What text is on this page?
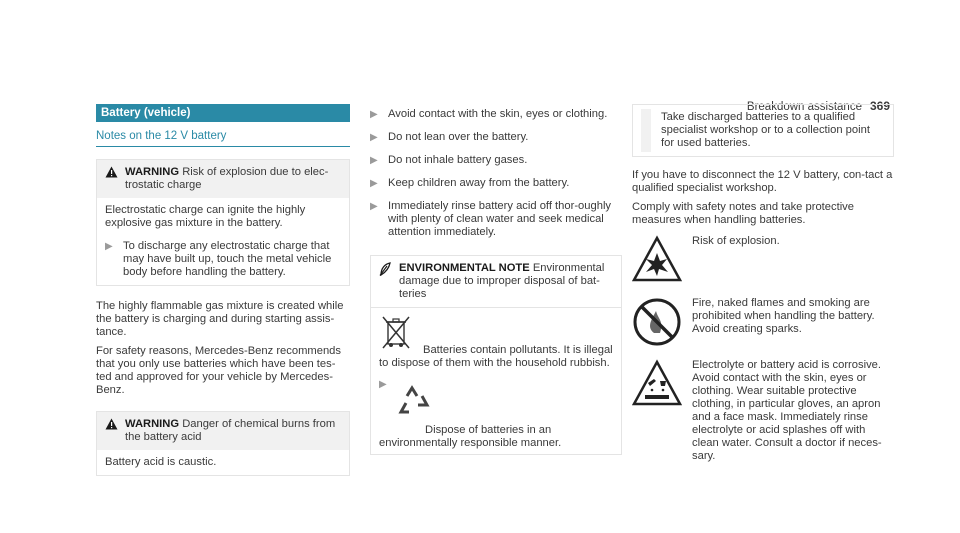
Breakdown assistance 369
Battery (vehicle)
Notes on the 12 V battery
WARNING Risk of explosion due to elec-trostatic charge

Electrostatic charge can ignite the highly explosive gas mixture in the battery.

▶ To discharge any electrostatic charge that may have built up, touch the metal vehicle body before handling the battery.

The highly flammable gas mixture is created while the battery is charging and during starting assis-tance.

For safety reasons, Mercedes-Benz recommends that you only use batteries which have been tes-ted and approved for your vehicle by Mercedes-Benz.

WARNING Danger of chemical burns from the battery acid

Battery acid is caustic.

▶ Avoid contact with the skin, eyes or clothing.

▶ Do not lean over the battery.

▶ Do not inhale battery gases.

▶ Keep children away from the battery.

▶ Immediately rinse battery acid off thor-oughly with plenty of clean water and seek medical attention immediately.

ENVIRONMENTAL NOTE Environmental damage due to improper disposal of bat-teries

Batteries contain pollutants. It is illegal to dispose of them with the household rubbish.

▶

Dispose of batteries in an environmentally responsible manner.

Take discharged batteries to a qualified specialist workshop or to a collection point for used batteries.

If you have to disconnect the 12 V battery, con-tact a qualified specialist workshop.

Comply with safety notes and take protective measures when handling batteries.

Risk of explosion.

Fire, naked flames and smoking are prohibited when handling the battery. Avoid creating sparks.

Electrolyte or battery acid is corrosive. Avoid contact with the skin, eyes or clothing. Wear suitable protective clothing, in particular gloves, an apron and a face mask. Immediately rinse electrolyte or acid splashes off with clean water. Consult a doctor if neces-sary.
